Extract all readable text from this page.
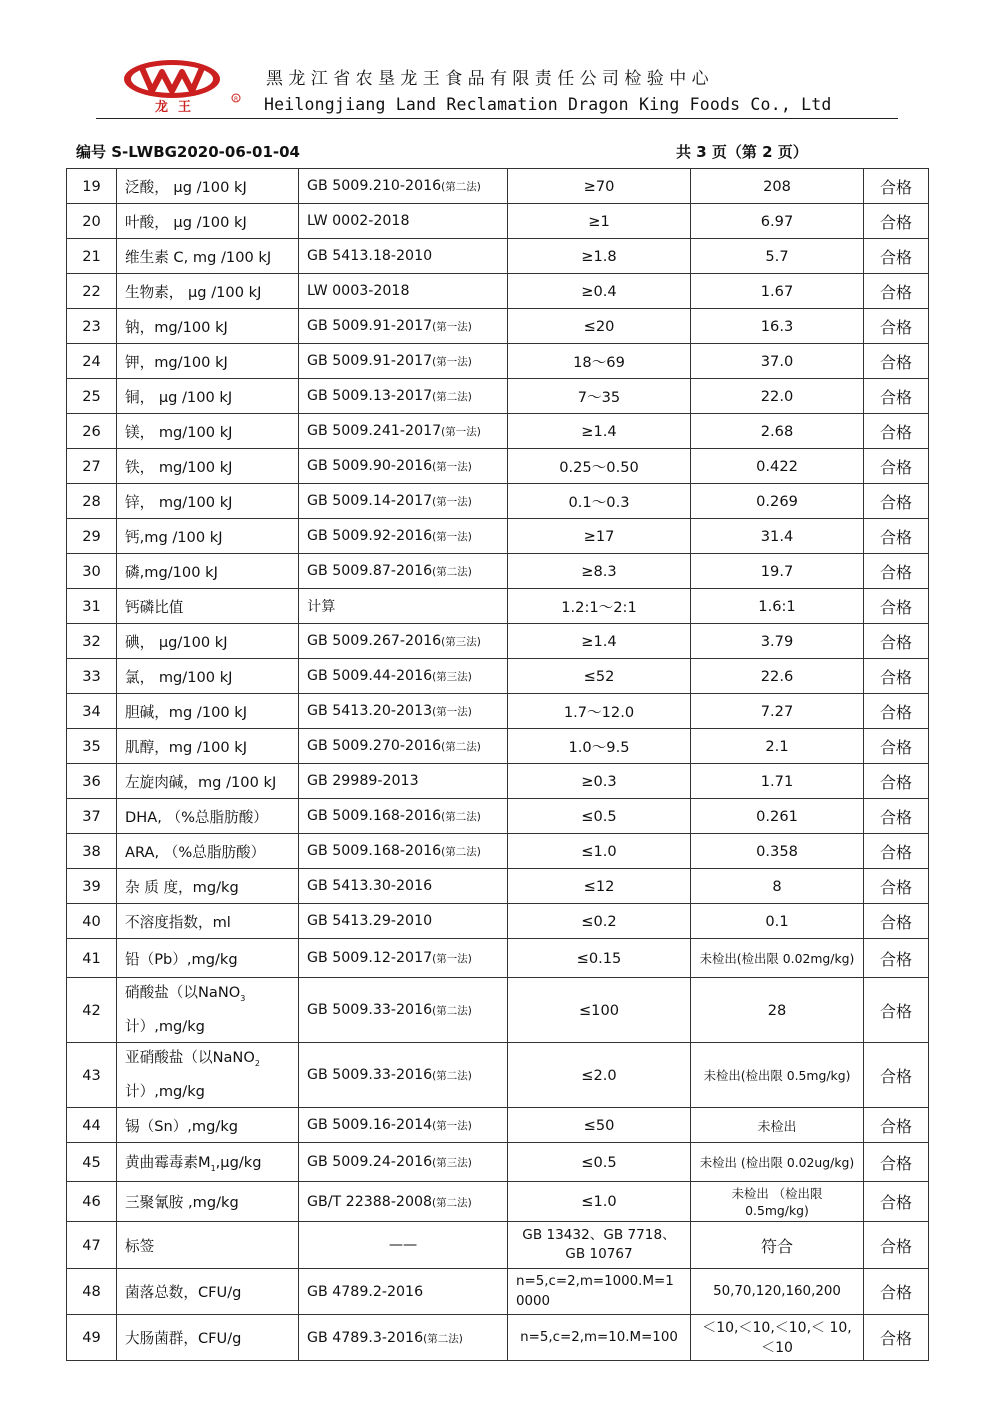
龙王
R
黑龙江省农垦龙王食品有限责任公司检验中心
Heilongjiang Land Reclamation Dragon King Foods Co., Ltd
编号 S-LWBG2020-06-01-04	共 3 页（第 2 页）
19	泛酸， μg /100 kJ	GB 5009.210-2016(第二法)	≥70	208	合格
20	叶酸， μg /100 kJ	LW 0002-2018	≥1	6.97	合格
21	维生素 C, mg /100 kJ	GB 5413.18-2010	≥1.8	5.7	合格
22	生物素， μg /100 kJ	LW 0003-2018	≥0.4	1.67	合格
23	钠，mg/100 kJ	GB 5009.91-2017(第一法)	≤20	16.3	合格
24	钾，mg/100 kJ	GB 5009.91-2017(第一法)	18～69	37.0	合格
25	铜， μg /100 kJ	GB 5009.13-2017(第二法)	7～35	22.0	合格
26	镁， mg/100 kJ	GB 5009.241-2017(第一法)	≥1.4	2.68	合格
27	铁， mg/100 kJ	GB 5009.90-2016(第一法)	0.25～0.50	0.422	合格
28	锌， mg/100 kJ	GB 5009.14-2017(第一法)	0.1～0.3	0.269	合格
29	钙,mg /100 kJ	GB 5009.92-2016(第一法)	≥17	31.4	合格
30	磷,mg/100 kJ	GB 5009.87-2016(第二法)	≥8.3	19.7	合格
31	钙磷比值	计算	1.2:1～2:1	1.6:1	合格
32	碘， μg/100 kJ	GB 5009.267-2016(第三法)	≥1.4	3.79	合格
33	氯， mg/100 kJ	GB 5009.44-2016(第三法)	≤52	22.6	合格
34	胆碱，mg /100 kJ	GB 5413.20-2013(第一法)	1.7～12.0	7.27	合格
35	肌醇，mg /100 kJ	GB 5009.270-2016(第二法)	1.0～9.5	2.1	合格
36	左旋肉碱，mg /100 kJ	GB 29989-2013	≥0.3	1.71	合格
37	DHA, （%总脂肪酸）	GB 5009.168-2016(第二法)	≤0.5	0.261	合格
38	ARA, （%总脂肪酸）	GB 5009.168-2016(第二法)	≤1.0	0.358	合格
39	杂 质 度，mg/kg	GB 5413.30-2016	≤12	8	合格
40	不溶度指数，ml	GB 5413.29-2010	≤0.2	0.1	合格
41	铅（Pb）,mg/kg	GB 5009.12-2017(第一法)	≤0.15	未检出(检出限 0.02mg/kg)	合格
42	硝酸盐（以NaNO$_3$
计）,mg/kg	GB 5009.33-2016(第二法)	≤100	28	合格
43	亚硝酸盐（以NaNO$_2$
计）,mg/kg	GB 5009.33-2016(第二法)	≤2.0	未检出(检出限 0.5mg/kg)	合格
44	锡（Sn）,mg/kg	GB 5009.16-2014(第一法)	≤50	未检出	合格
45	黄曲霉毒素$M_1,\mu g/kg$	GB 5009.24-2016(第三法)	≤0.5	未检出 (检出限 0.02ug/kg)	合格
46	三聚氰胺 ,mg/kg	GB/T 22388-2008(第二法)	≤1.0	未检出 （检出限 0.5mg/kg)	合格
47	标签	——	GB 13432、GB 7718、 GB 10767	符合	合格
48	菌落总数，CFU/g	GB 4789.2-2016	n=5,c=2,m=1000.M=10000	50,70,120,160,200	合格
49	大肠菌群，CFU/g	GB 4789.3-2016(第二法)	n=5,c=2,m=10.M=100	＜10,＜10,＜10,＜ 10,＜10	合格
